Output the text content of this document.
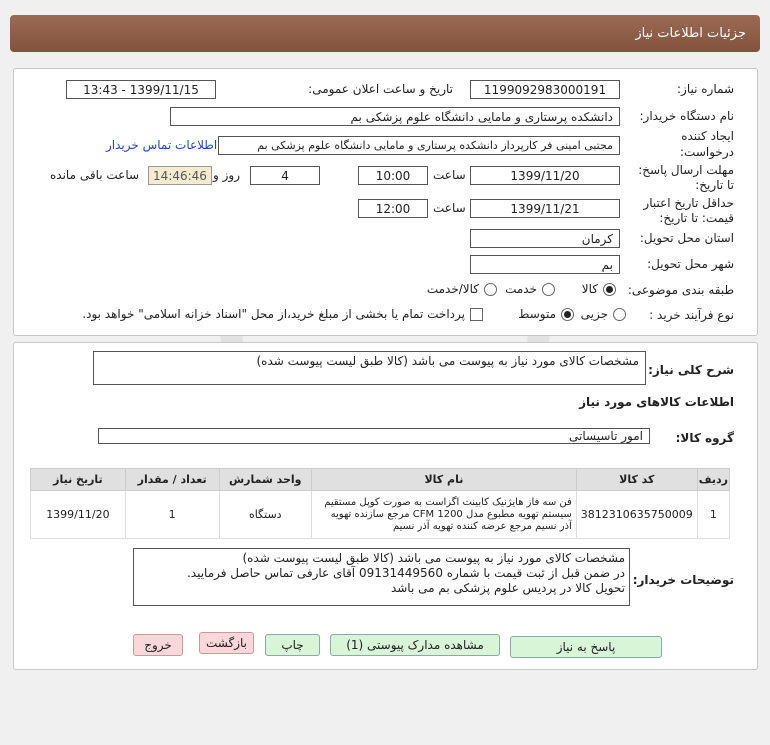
جزئیات اطلاعات نیاز
شماره نیاز:
1199092983000191
تاریخ و ساعت اعلان عمومی:
1399/11/15 - 13:43
نام دستگاه خریدار:
دانشکده پرستاری و مامایی دانشگاه علوم پزشکی بم
ایجاد کننده
درخواست:
مجتبی امینی فر کارپرداز دانشکده پرستاری و مامایی دانشگاه علوم پزشکی بم
اطلاعات تماس خریدار
مهلت ارسال پاسخ:
تا تاریخ:
1399/11/20
ساعت
10:00
4
روز و
14:46:46
ساعت باقی مانده
حداقل تاریخ اعتبار
قیمت: تا تاریخ:
1399/11/21
ساعت
12:00
استان محل تحویل:
کرمان
شهر محل تحویل:
بم
طبقه بندی موضوعی:
کالا
خدمت
کالا/خدمت
نوع فرآیند خرید :
جزیی
متوسط
پرداخت تمام یا بخشی از مبلغ خرید،از محل "اسناد خزانه اسلامی" خواهد بود.
شرح کلی نیاز:
مشخصات کالای مورد نیاز به پیوست می باشد (کالا طبق لیست پیوست شده)
اطلاعات کالاهای مورد نیاز
گروه کالا:
امور تاسیساتی
ردیف	کد کالا	نام کالا	واحد شمارش	تعداد / مقدار	تاریخ نیاز
1	3812310635750009	فن سه فاز هایژنیک کابینت اگزاست به صورت کوپل مستقیم سیستم تهویه مطبوع مدل CFM 1200 مرجع سازنده تهویه آذر نسیم مرجع عرضه کننده تهویه آذر نسیم	دستگاه	1	1399/11/20
توضیحات خریدار:
مشخصات کالای مورد نیاز به پیوست می باشد (کالا طبق لیست پیوست شده)
در ضمن قبل از ثبت قیمت با شماره 09131449560 آقای عارفی تماس حاصل فرمایید.
تحویل کالا در پردیس علوم پزشکی بم می باشد
پاسخ به نیاز
مشاهده مدارک پیوستی (1)
چاپ
بازگشت
خروج
